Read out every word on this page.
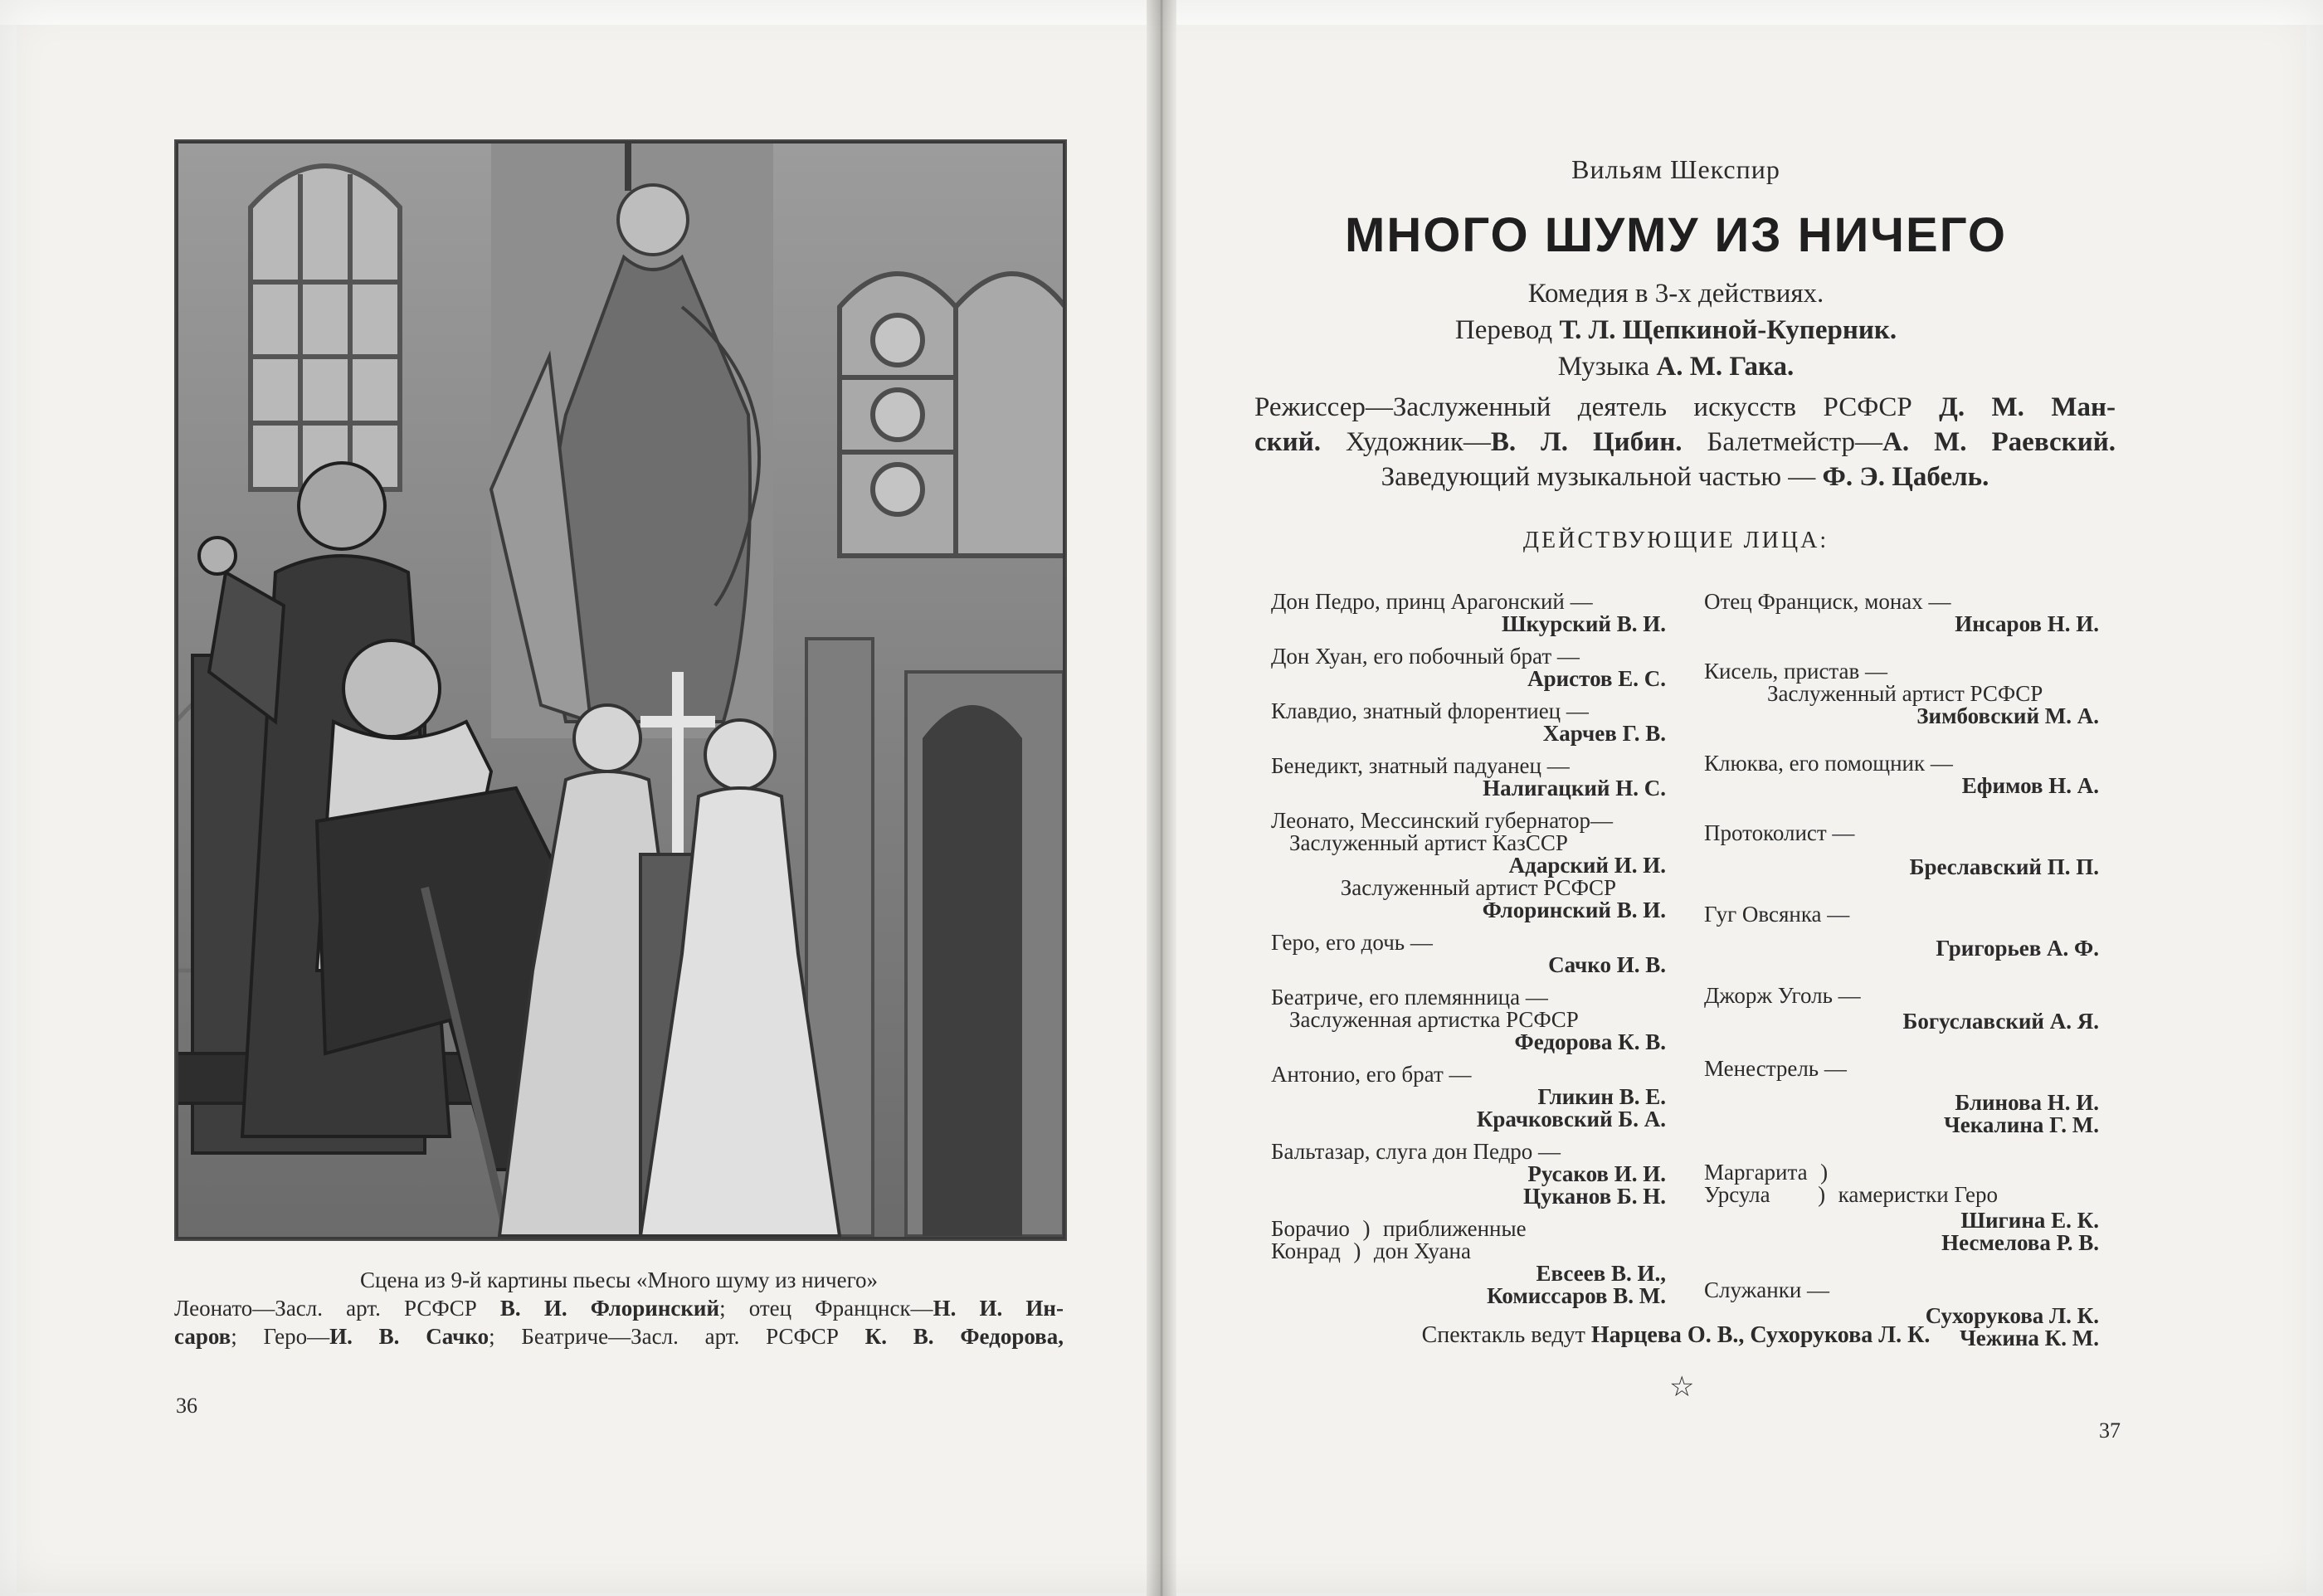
Сцена из 9-й картины пьесы «Много шуму из ничего»
Леонато—Засл. арт. РСФСР В. И. Флоринский; отец Францнск—Н. И. Ин-
саров; Геро—И. В. Сачко; Беатриче—Засл. арт. РСФСР К. В. Федорова,
36
Вильям Шекспир
МНОГО ШУМУ ИЗ НИЧЕГО
Комедия в 3-х действиях.
Перевод Т. Л. Щепкиной-Куперник.
Музыка А. М. Гака.
Режиссер—Заслуженный деятель искусств РСФСР Д. М. Ман-
ский. Художник—В. Л. Цибин. Балетмейстр—А. М. Раевский.
Заведующий музыкальной частью — Ф. Э. Цабель.
ДЕЙСТВУЮЩИЕ ЛИЦА:
Дон Педро, принц Арагонский —
Шкурский В. И.
Дон Хуан, его побочный брат —
Аристов Е. С.
Клавдио, знатный флорентиец —
Харчев Г. В.
Бенедикт, знатный падуанец —
Налигацкий Н. С.
Леонато, Мессинский губернатор—
Заслуженный артист КазССР
Адарский И. И.
Заслуженный артист РСФСР
Флоринский В. И.
Геро, его дочь —
Сачко И. В.
Беатриче, его племянница —
Заслуженная артистка РСФСР
Федорова К. В.
Антонио, его брат —
Гликин В. Е.
Крачковский Б. А.
Бальтазар, слуга дон Педро —
Русаков И. И.
Цуканов Б. Н.
Борачио ) приближенные
Конрад ) дон Хуана
Евсеев В. И.,
Комиссаров В. М.
Отец Франциск, монах —
Инсаров Н. И.
Кисель, пристав —
Заслуженный артист РСФСР
Зимбовский М. А.
Клюква, его помощник —
Ефимов Н. А.
Протоколист —
Бреславский П. П.
Гуг Овсянка —
Григорьев А. Ф.
Джорж Уголь —
Богуславский А. Я.
Менестрель —
Блинова Н. И.
Чекалина Г. М.
Маргарита )
Урсула ) камеристки Геро
Шигина Е. К.
Несмелова Р. В.
Служанки —
Сухорукова Л. К.
Чежина К. М.
Спектакль ведут Нарцева О. В., Сухорукова Л. К.
☆
37
